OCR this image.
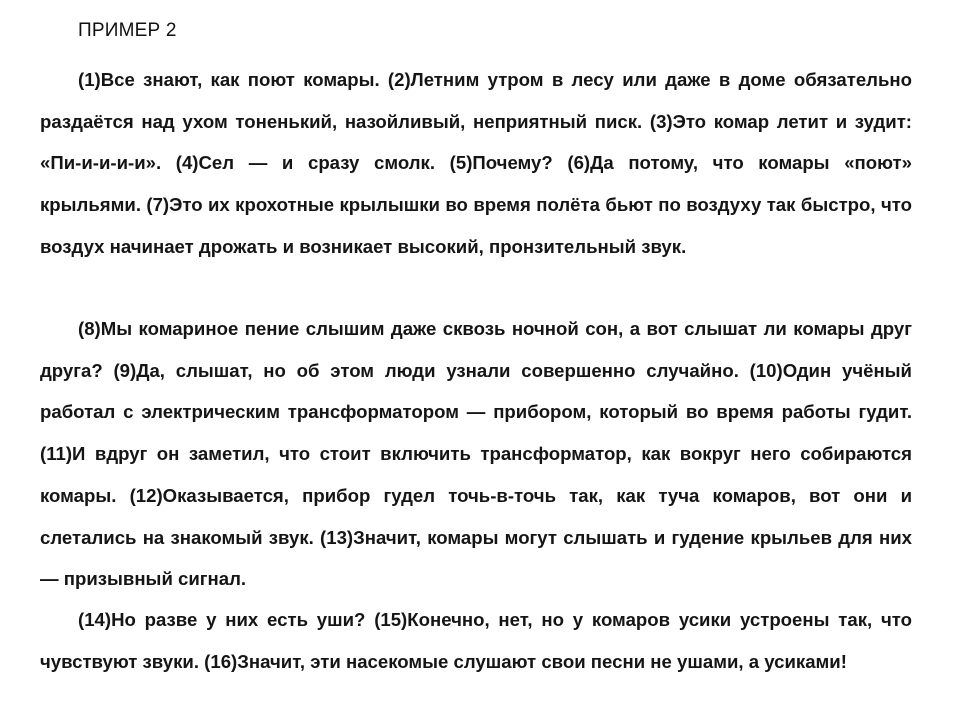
ПРИМЕР 2

(1)Все знают, как поют комары. (2)Летним утром в лесу или даже в доме обязательно раздаётся над ухом тоненький, назойливый, неприятный писк. (3)Это комар летит и зудит: «Пи-и-и-и-и». (4)Сел — и сразу смолк. (5)Почему? (6)Да потому, что комары «поют» крыльями. (7)Это их крохотные крылышки во время полёта бьют по воздуху так быстро, что воздух начинает дрожать и возникает высокий, пронзительный звук.

(8)Мы комариное пение слышим даже сквозь ночной сон, а вот слышат ли комары друг друга? (9)Да, слышат, но об этом люди узнали совершенно случайно. (10)Один учёный работал с электрическим трансформатором — прибором, который во время работы гудит. (11)И вдруг он заметил, что стоит включить трансформатор, как вокруг него собираются комары. (12)Оказывается, прибор гудел точь-в-точь так, как туча комаров, вот они и слетались на знакомый звук. (13)Значит, комары могут слышать и гудение крыльев для них — призывный сигнал.

(14)Но разве у них есть уши? (15)Конечно, нет, но у комаров усики устроены так, что чувствуют звуки. (16)Значит, эти насекомые слушают свои песни не ушами, а усиками!
